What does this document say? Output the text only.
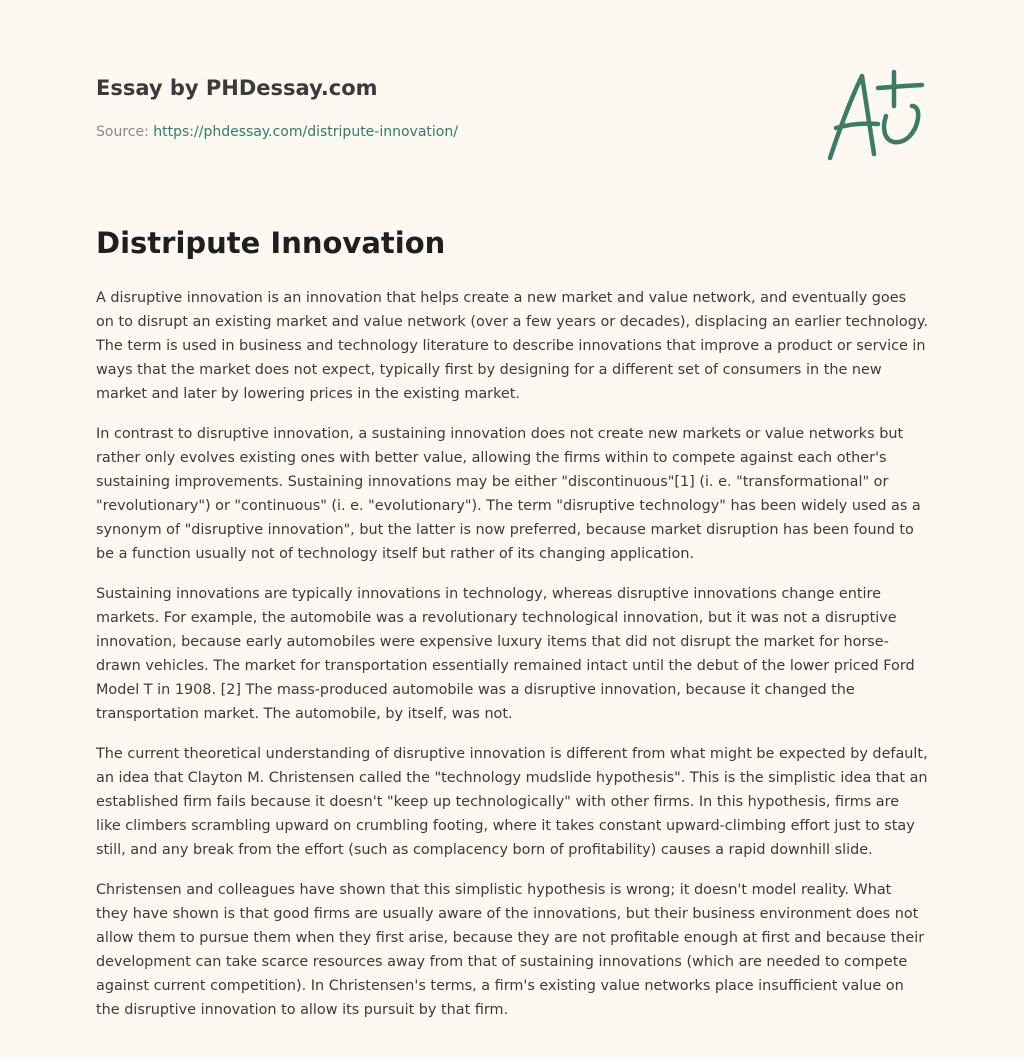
Essay by PHDessay.com
Source: https://phdessay.com/distripute-innovation/
Distripute Innovation

A disruptive innovation is an innovation that helps create a new market and value network, and eventually goes on to disrupt an existing market and value network (over a few years or decades), displacing an earlier technology. The term is used in business and technology literature to describe innovations that improve a product or service in ways that the market does not expect, typically first by designing for a different set of consumers in the new market and later by lowering prices in the existing market.

In contrast to disruptive innovation, a sustaining innovation does not create new markets or value networks but rather only evolves existing ones with better value, allowing the firms within to compete against each other's sustaining improvements. Sustaining innovations may be either "discontinuous"[1] (i. e. "transformational" or "revolutionary") or "continuous" (i. e. "evolutionary"). The term "disruptive technology" has been widely used as a synonym of "disruptive innovation", but the latter is now preferred, because market disruption has been found to be a function usually not of technology itself but rather of its changing application.

Sustaining innovations are typically innovations in technology, whereas disruptive innovations change entire markets. For example, the automobile was a revolutionary technological innovation, but it was not a disruptive innovation, because early automobiles were expensive luxury items that did not disrupt the market for horse-drawn vehicles. The market for transportation essentially remained intact until the debut of the lower priced Ford Model T in 1908. [2] The mass-produced automobile was a disruptive innovation, because it changed the transportation market. The automobile, by itself, was not.

The current theoretical understanding of disruptive innovation is different from what might be expected by default, an idea that Clayton M. Christensen called the "technology mudslide hypothesis". This is the simplistic idea that an established firm fails because it doesn't "keep up technologically" with other firms. In this hypothesis, firms are like climbers scrambling upward on crumbling footing, where it takes constant upward-climbing effort just to stay still, and any break from the effort (such as complacency born of profitability) causes a rapid downhill slide.

Christensen and colleagues have shown that this simplistic hypothesis is wrong; it doesn't model reality. What they have shown is that good firms are usually aware of the innovations, but their business environment does not allow them to pursue them when they first arise, because they are not profitable enough at first and because their development can take scarce resources away from that of sustaining innovations (which are needed to compete against current competition). In Christensen's terms, a firm's existing value networks place insufficient value on the disruptive innovation to allow its pursuit by that firm.
